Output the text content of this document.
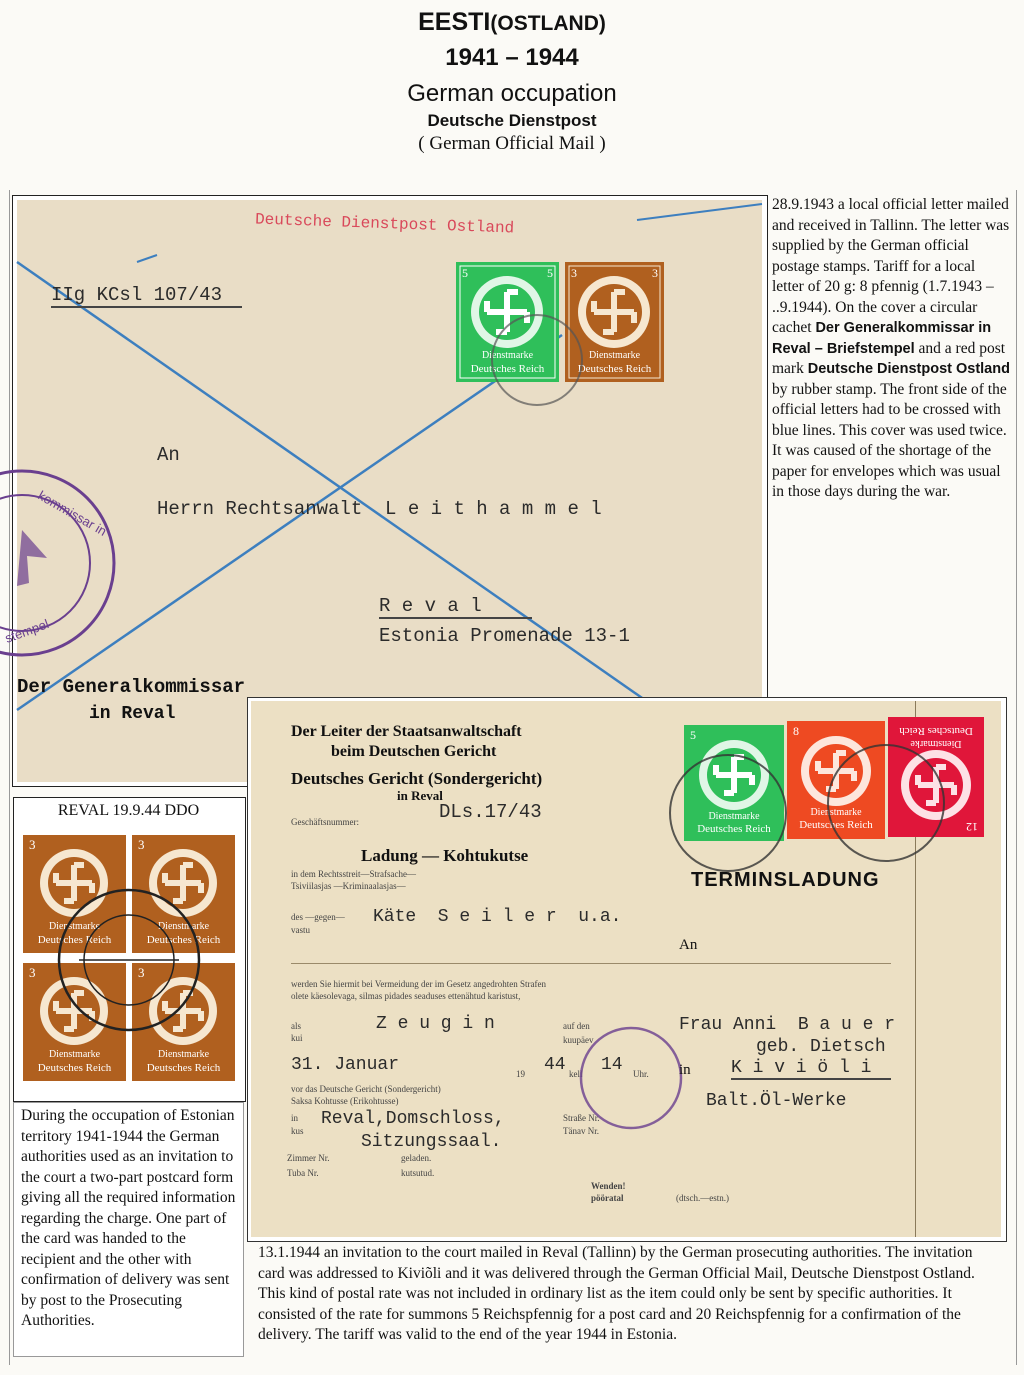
EESTI(OSTLAND)
1941 – 1944
German occupation
Deutsche Dienstpost
( German Official Mail )
Deutsche Dienstpost Ostland
IIg KCsl 107/43
kommissar in
stempel
An
Herrn Rechtsanwalt  L e i t h a m m e l
R e v a l
Estonia Promenade 13-1
Der Generalkommissar
in Reval
5	5
Dienstmarke
Deutsches Reich
3	3
Dienstmarke
Deutsches Reich
28.9.1943 a local official letter mailed and received in Tallinn. The letter was supplied by the German official postage stamps. Tariff for a local letter of 20 g: 8 pfennig (1.7.1943 – ..9.1944). On the cover a circular cachet Der Generalkommissar in Reval – Briefstempel and a red post mark Deutsche Dienstpost Ostland by rubber stamp. The front side of the official letters had to be crossed with blue lines. This cover was used twice. It was caused of the shortage of the paper for envelopes which was usual in those days during the war.
REVAL 19.9.44 DDO
3
Dienstmarke
Deutsches Reich
3
Dienstmarke
Deutsches Reich
3
Dienstmarke
Deutsches Reich
3
Dienstmarke
Deutsches Reich
During the occupation of Estonian territory 1941-1944 the German authorities used as an invitation to the court a two-part postcard form giving all the required information regarding the charge. One part of the card was handed to the recipient and the other with confirmation of delivery was sent by post to the Prosecuting Authorities.
Der Leiter der Staatsanwaltschaft
beim Deutschen Gericht
Deutsches Gericht (Sondergericht)
in Reval
Geschäftsnummer:	DLs.17/43
Ladung — Kohtukutse
in dem Rechtsstreit—Strafsache—
Tsiviilasjas —Kriminaalasjas—
des —gegen—
vastu
Käte  S e i l e r  u.a.
werden Sie hiermit bei Vermeidung der im Gesetz angedrohten Strafen
olete käesolevaga, silmas pidades seaduses ettenähtud karistust,
als
kui
Z e u g i n	auf den
kuupäev
31. Januar	19 44 kell 14 Uhr.
vor das Deutsche Gericht (Sondergericht)
Saksa Kohtusse (Erikohtusse)
in
kus
Reval,Domschloss,
Sitzungssaal.
Straße Nr.
Tänav Nr.
Zimmer Nr.	geladen.
Tuba Nr.	kutsutud.
Wenden!
pööratal
TERMINSLADUNG
An
Frau Anni  B a u e r
geb. Dietsch
in K i v i ö l i
Balt.Öl-Werke
(dtsch.—estn.)
5
Dienstmarke
Deutsches Reich
8
Dienstmarke
Deutsches Reich	12
Dienstmarke
Deutsches Reich
13.1.1944 an invitation to the court mailed in Reval (Tallinn) by the German prosecuting authorities. The invitation card was addressed to Kiviõli and it was delivered through the German Official Mail, Deutsche Dienstpost Ostland. This kind of postal rate was not included in ordinary list as the item could only be sent by specific authorities. It consisted of the rate for summons 5 Reichspfennig for a post card and 20 Reichspfennig for a confirmation of the delivery. The tariff was valid to the end of the year 1944 in Estonia.
